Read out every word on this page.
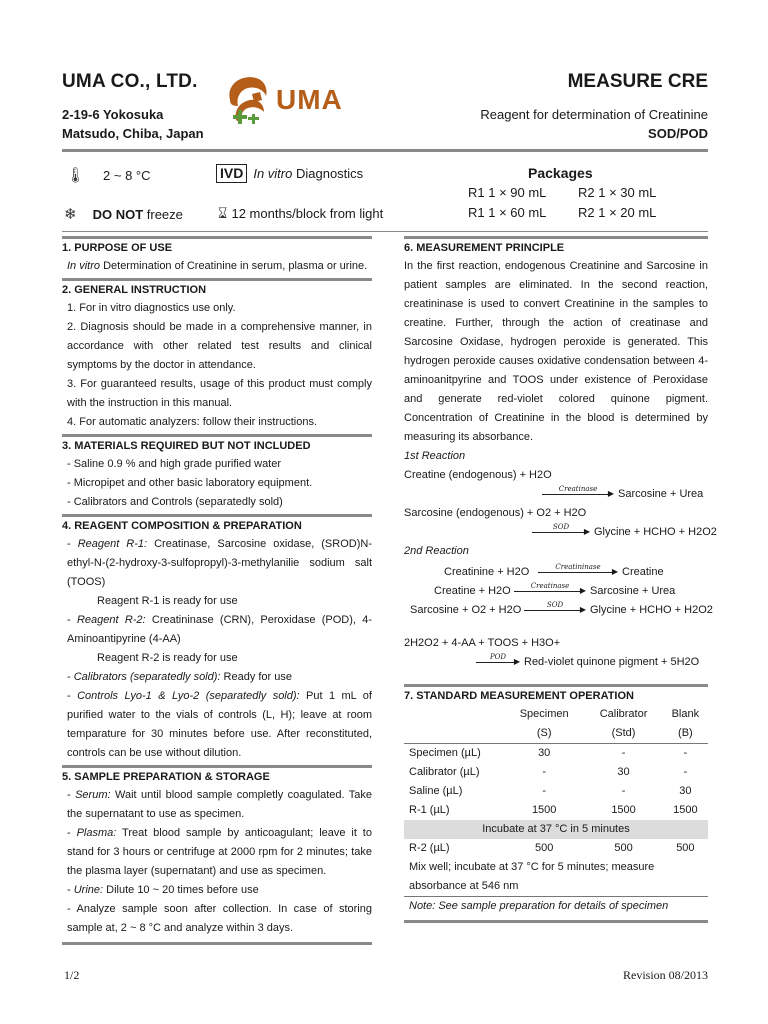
UMA CO., LTD.
2-19-6 Yokosuka
Matsudo, Chiba, Japan
UMA
MEASURE CRE
Reagent for determination of Creatinine
SOD/POD
🌡︎ 2 ~ 8 °C	IVD In vitro Diagnostics
❄ DO NOT freeze ⌛︎ 12 months/block from light
Packages
R1 1 × 90 mL R2 1 × 30 mL
R1 1 × 60 mL R2 1 × 20 mL
1. PURPOSE OF USE
In vitro Determination of Creatinine in serum, plasma or urine.
2. GENERAL INSTRUCTION
1. For in vitro diagnostics use only.
2. Diagnosis should be made in a comprehensive manner, in accordance with other related test results and clinical symptoms by the doctor in attendance.
3. For guaranteed results, usage of this product must comply with the instruction in this manual.
4. For automatic analyzers: follow their instructions.
3. MATERIALS REQUIRED BUT NOT INCLUDED
- Saline 0.9 % and high grade purified water
- Micropipet and other basic laboratory equipment.
- Calibrators and Controls (separatedly sold)
4. REAGENT COMPOSITION & PREPARATION
- Reagent R-1: Creatinase, Sarcosine oxidase, (SROD)N-ethyl-N-(2-hydroxy-3-sulfopropyl)-3-methylanilie sodium salt (TOOS)
Reagent R-1 is ready for use
- Reagent R-2: Creatininase (CRN), Peroxidase (POD), 4-Aminoantipyrine (4-AA)
Reagent R-2 is ready for use
- Calibrators (separatedly sold): Ready for use
- Controls Lyo-1 & Lyo-2 (separatedly sold): Put 1 mL of purified water to the vials of controls (L, H); leave at room temparature for 30 minutes before use. After reconstituted, controls can be use without dilution.
5. SAMPLE PREPARATION & STORAGE
- Serum: Wait until blood sample completly coagulated. Take the supernatant to use as specimen.
- Plasma: Treat blood sample by anticoagulant; leave it to stand for 3 hours or centrifuge at 2000 rpm for 2 minutes; take the plasma layer (supernatant) and use as specimen.
- Urine: Dilute 10 ~ 20 times before use
- Analyze sample soon after collection. In case of storing sample at, 2 ~ 8 °C and analyze within 3 days.
6. MEASUREMENT PRINCIPLE
In the first reaction, endogenous Creatinine and Sarcosine in patient samples are eliminated. In the second reaction, creatininase is used to convert Creatinine in the samples to creatine. Further, through the action of creatinase and Sarcosine Oxidase, hydrogen peroxide is generated. This hydrogen peroxide causes oxidative condensation between 4-aminoanitpyrine and TOOS under existence of Peroxidase and generate red-violet colored quinone pigment. Concentration of Creatinine in the blood is determined by measuring its absorbance.
1st Reaction
Creatine (endogenous) + H2O
Creatinase	▶ Sarcosine + Urea
Sarcosine (endogenous) + O2 + H2O
SOD	▶ Glycine + HCHO + H2O2
2nd Reaction
Creatinine + H2O	Creatininase	▶ Creatine
Creatine + H2O	Creatinase	▶ Sarcosine + Urea
Sarcosine + O2 + H2O	SOD	▶ Glycine + HCHO + H2O2
2H2O2 + 4-AA + TOOS + H3O+
POD ▶ Red-violet quinone pigment + 5H2O
7. STANDARD MEASUREMENT OPERATION
	Specimen	Calibrator	Blank
	(S)	(Std)	(B)
Specimen (µL)	30	-	-
Calibrator (µL)	-	30	-
Saline (µL)	-	-	30
R-1 (µL)	1500	1500	1500
Incubate at 37 °C in 5 minutes			
R-2 (µL)	500	500	500
Mix well; incubate at 37 °C for 5 minutes; measure absorbance at 546 nm			
Note: See sample preparation for details of specimen			
1/2	Revision 08/2013
